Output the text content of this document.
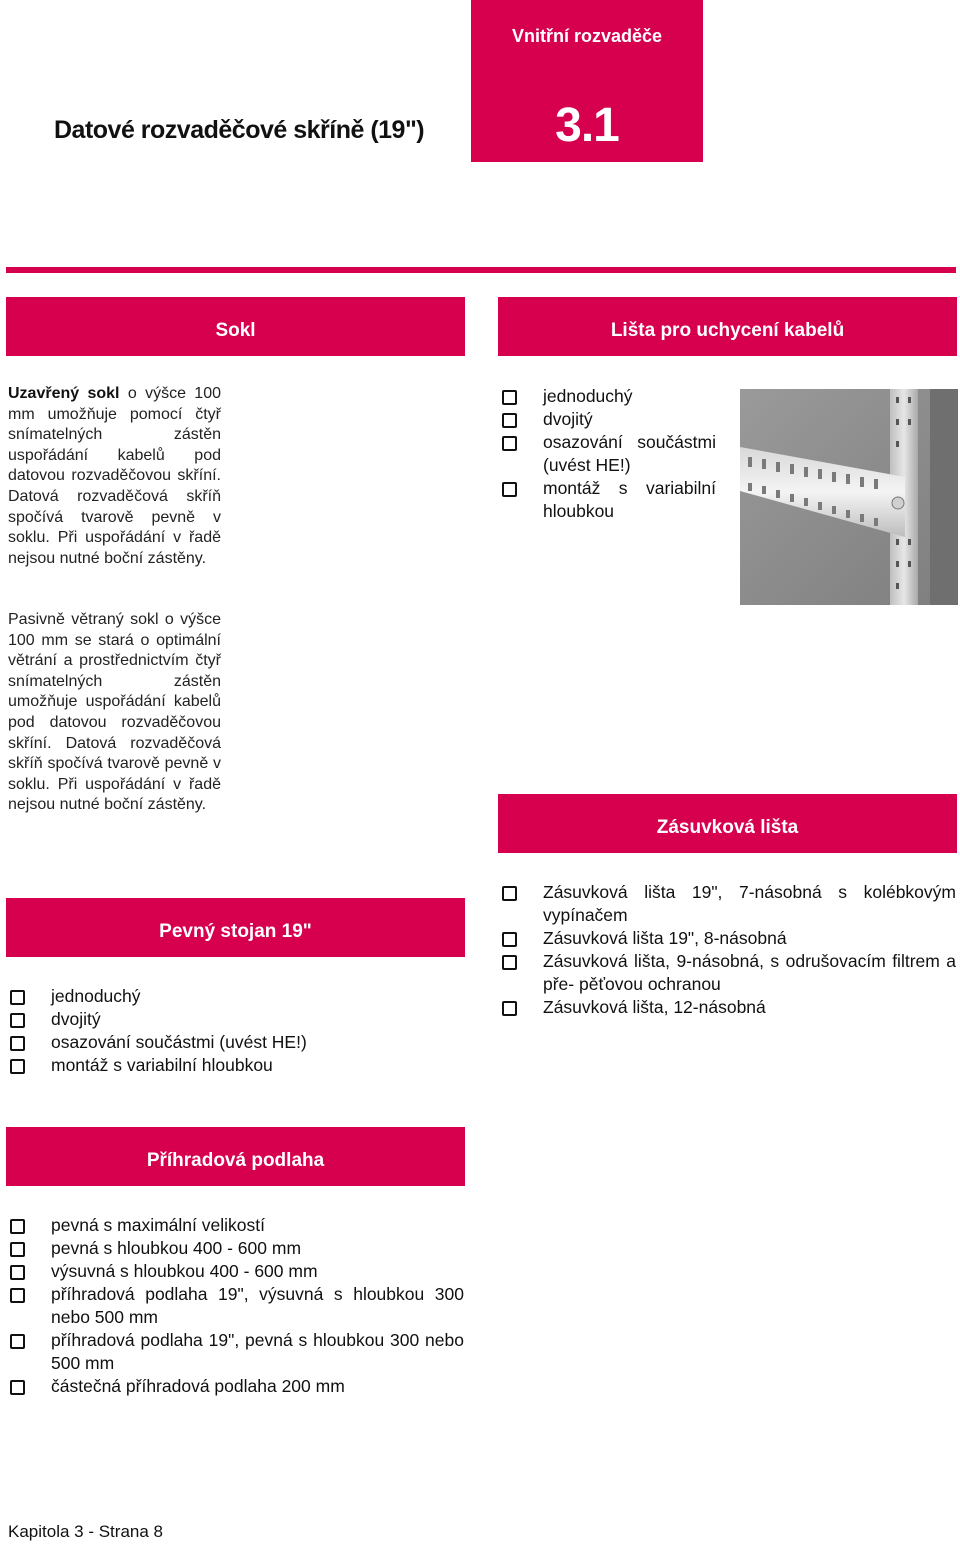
Vnitřní rozvaděče
3.1
Datové rozvaděčové skříně (19")
Sokl	Lišta pro uchycení kabelů
Uzavřený sokl o výšce 100 mm umožňuje pomocí čtyř snímatelných zástěn uspořádání kabelů pod datovou rozvaděčovou skříní. Datová rozvaděčová skříň spočívá tvarově pevně v soklu. Při uspořádání v řadě nejsou nutné boční zástěny.
jednoduchý
dvojitý
osazování součástmi (uvést HE!)
montáž s variabilní hloubkou
Pasivně větraný sokl o výšce 100 mm se stará o optimální větrání a prostřednictvím čtyř snímatelných zástěn umožňuje uspořádání kabelů pod datovou rozvaděčovou skříní. Datová rozvaděčová skříň spočívá tvarově pevně v soklu. Při uspořádání v řadě nejsou nutné boční zástěny.
Zásuvková lišta
Zásuvková lišta 19", 7-násobná s kolébkovým vypínačem
Zásuvková lišta 19", 8-násobná
Zásuvková lišta, 9-násobná, s odrušovacím filtrem a pře- pěťovou ochranou
Zásuvková lišta, 12-násobná
Pevný stojan 19"
jednoduchý
dvojitý
osazování součástmi (uvést HE!)
montáž s variabilní hloubkou
Příhradová podlaha
pevná s maximální velikostí
pevná s hloubkou 400 - 600 mm
výsuvná s hloubkou 400 - 600 mm
příhradová podlaha 19", výsuvná s hloubkou 300 nebo 500 mm
příhradová podlaha 19", pevná s hloubkou 300 nebo 500 mm
částečná příhradová podlaha 200 mm
Kapitola 3 - Strana 8
